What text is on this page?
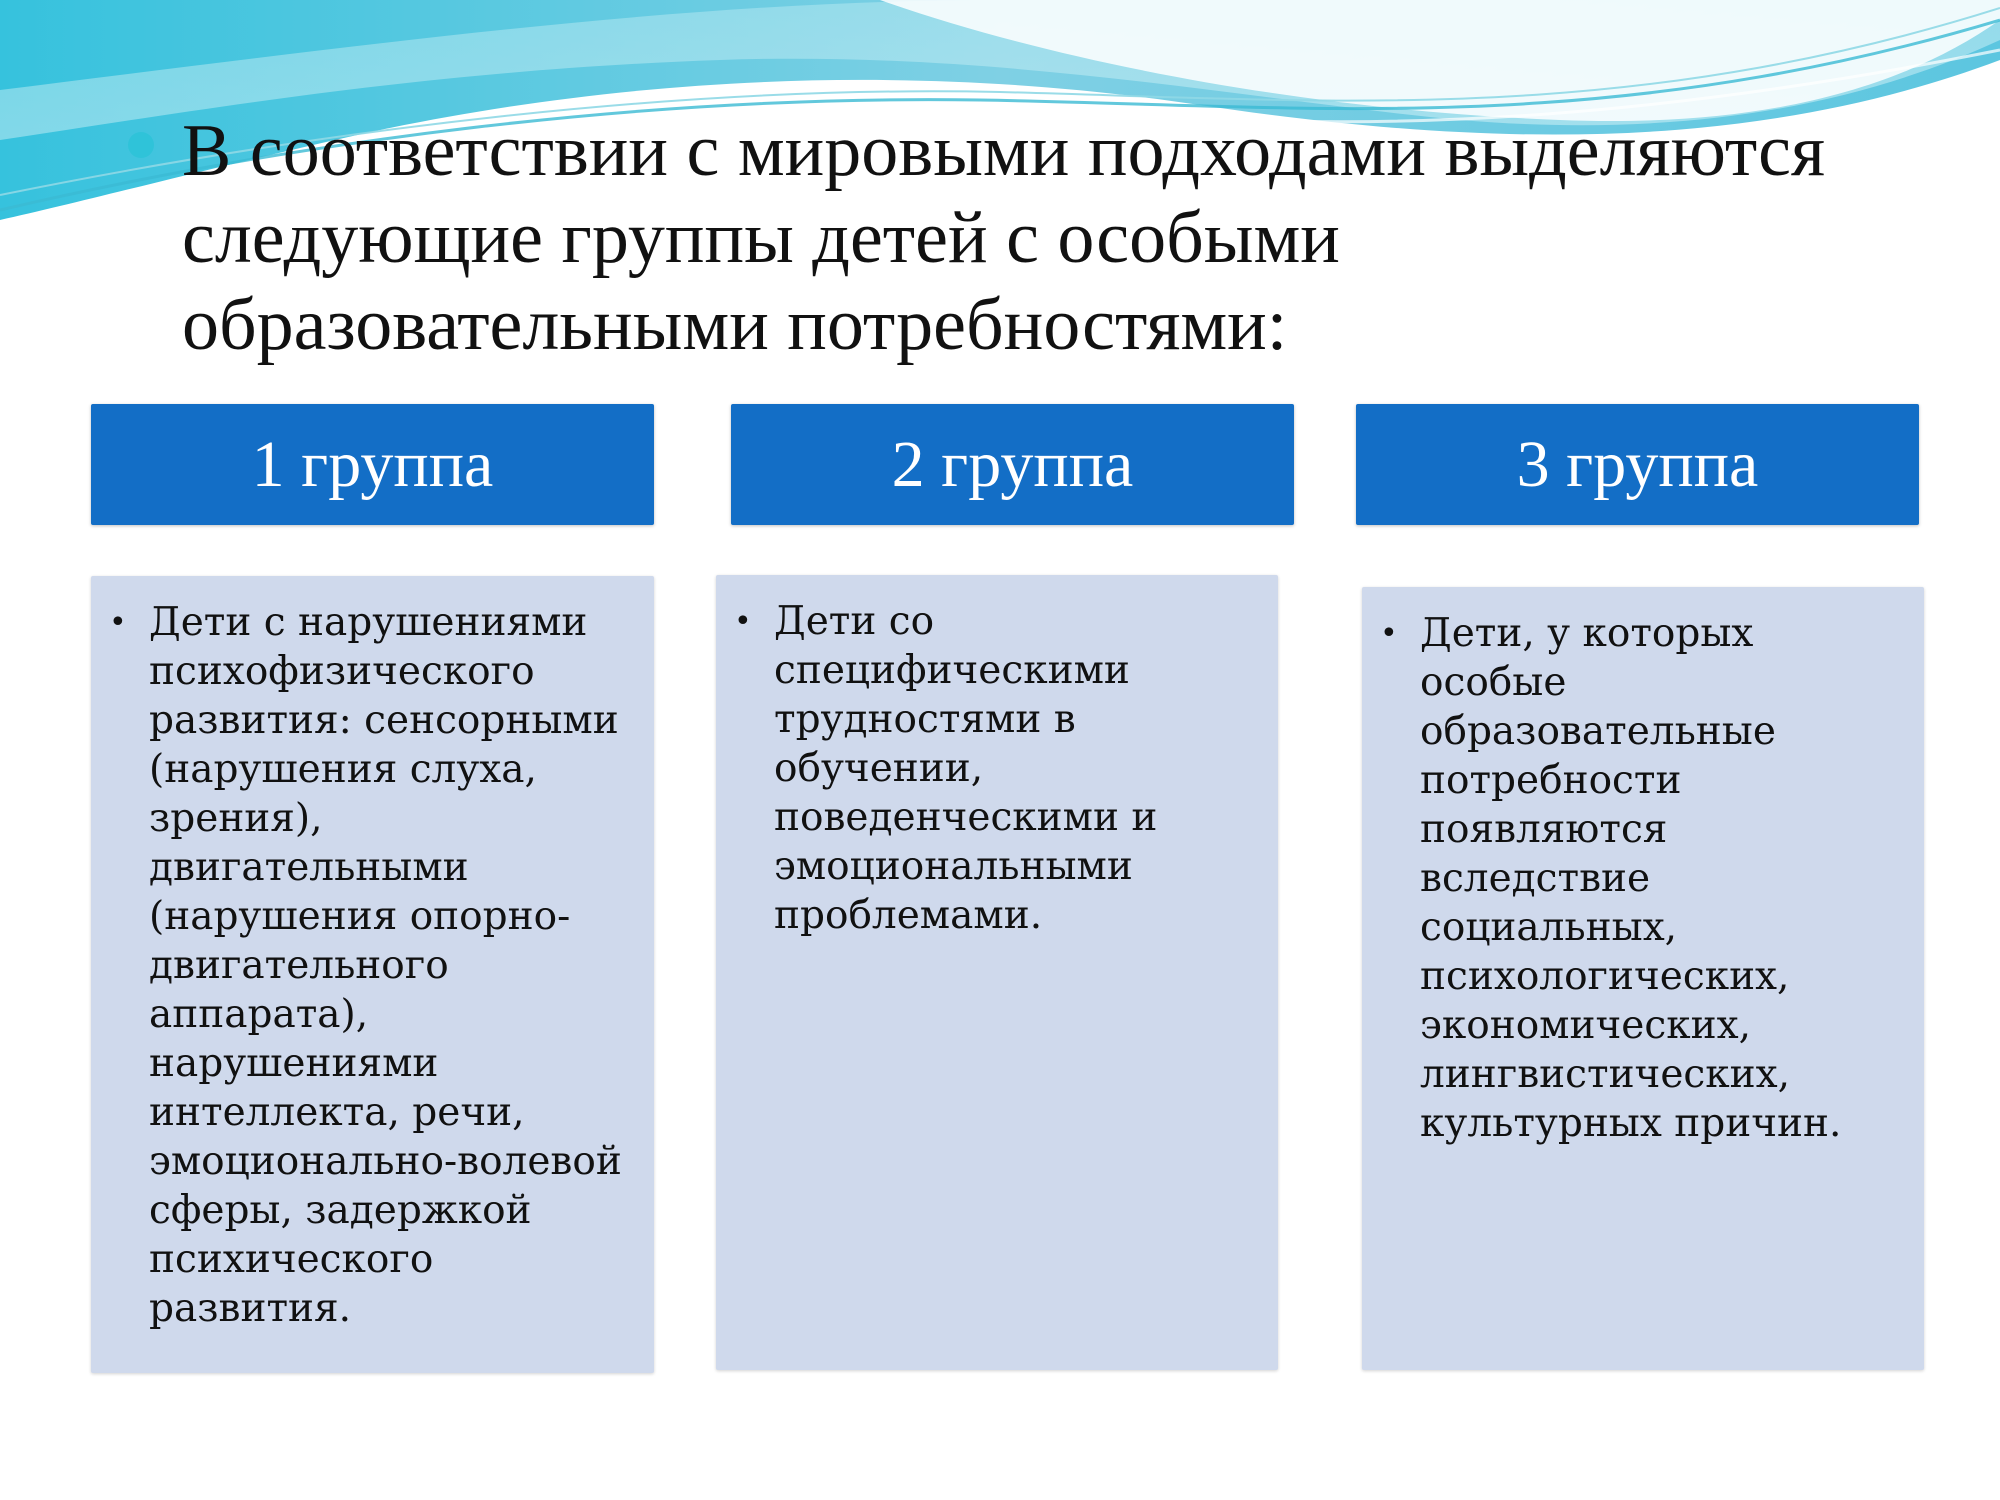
В соответствии с мировыми подходами выделяются следующие группы детей с особыми образовательными потребностями:
1 группа
• Дети с нарушениями психофизического развития: сенсорными (нарушения слуха, зрения), двигательными (нарушения опорно-двигательного аппарата), нарушениями интеллекта, речи, эмоционально-волевой сферы, задержкой психического развития.
2 группа
• Дети со специфическими трудностями в обучении, поведенческими и эмоциональными проблемами.
3 группа
• Дети, у которых особые образовательные потребности появляются вследствие социальных, психологических, экономических, лингвистических, культурных причин.
